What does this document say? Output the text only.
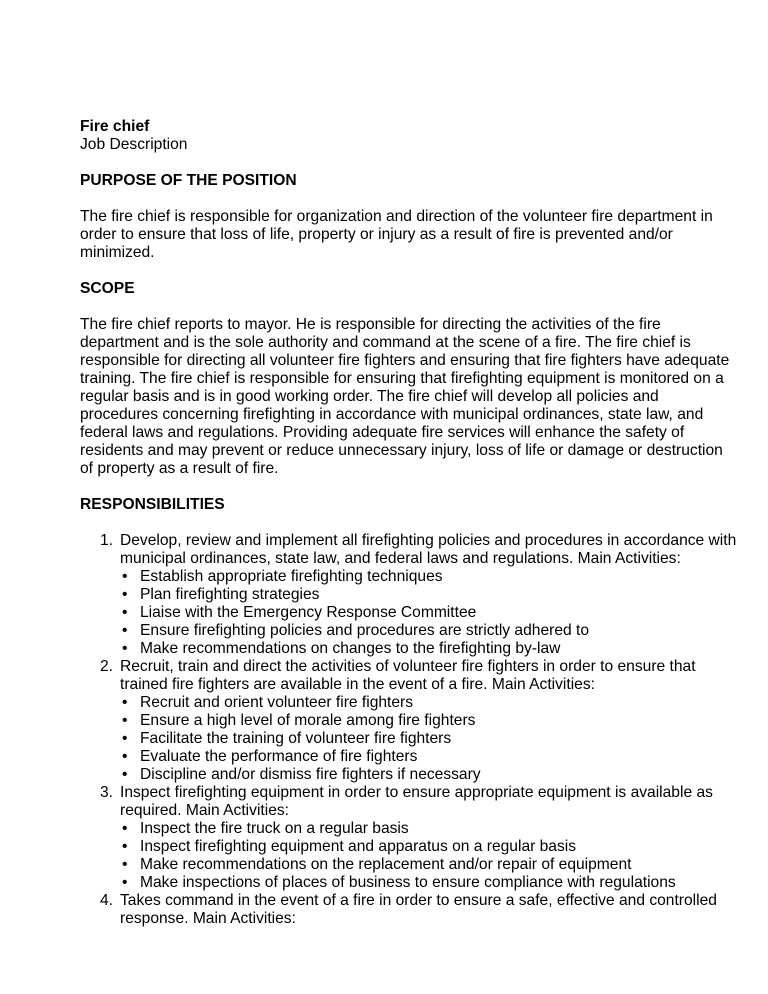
Fire chief

Job Description

PURPOSE OF THE POSITION

The fire chief is responsible for organization and direction of the volunteer fire department in order to ensure that loss of life, property or injury as a result of fire is prevented and/or minimized.

SCOPE

The fire chief reports to mayor. He is responsible for directing the activities of the fire department and is the sole authority and command at the scene of a fire. The fire chief is responsible for directing all volunteer fire fighters and ensuring that fire fighters have adequate training. The fire chief is responsible for ensuring that firefighting equipment is monitored on a regular basis and is in good working order. The fire chief will develop all policies and procedures concerning firefighting in accordance with municipal ordinances, state law, and federal laws and regulations. Providing adequate fire services will enhance the safety of residents and may prevent or reduce unnecessary injury, loss of life or damage or destruction of property as a result of fire.

RESPONSIBILITIES

1. Develop, review and implement all firefighting policies and procedures in accordance with municipal ordinances, state law, and federal laws and regulations. Main Activities:
• Establish appropriate firefighting techniques
• Plan firefighting strategies
• Liaise with the Emergency Response Committee
• Ensure firefighting policies and procedures are strictly adhered to
• Make recommendations on changes to the firefighting by-law
2. Recruit, train and direct the activities of volunteer fire fighters in order to ensure that trained fire fighters are available in the event of a fire. Main Activities:
• Recruit and orient volunteer fire fighters
• Ensure a high level of morale among fire fighters
• Facilitate the training of volunteer fire fighters
• Evaluate the performance of fire fighters
• Discipline and/or dismiss fire fighters if necessary
3. Inspect firefighting equipment in order to ensure appropriate equipment is available as required. Main Activities:
• Inspect the fire truck on a regular basis
• Inspect firefighting equipment and apparatus on a regular basis
• Make recommendations on the replacement and/or repair of equipment
• Make inspections of places of business to ensure compliance with regulations
4. Takes command in the event of a fire in order to ensure a safe, effective and controlled response. Main Activities:
